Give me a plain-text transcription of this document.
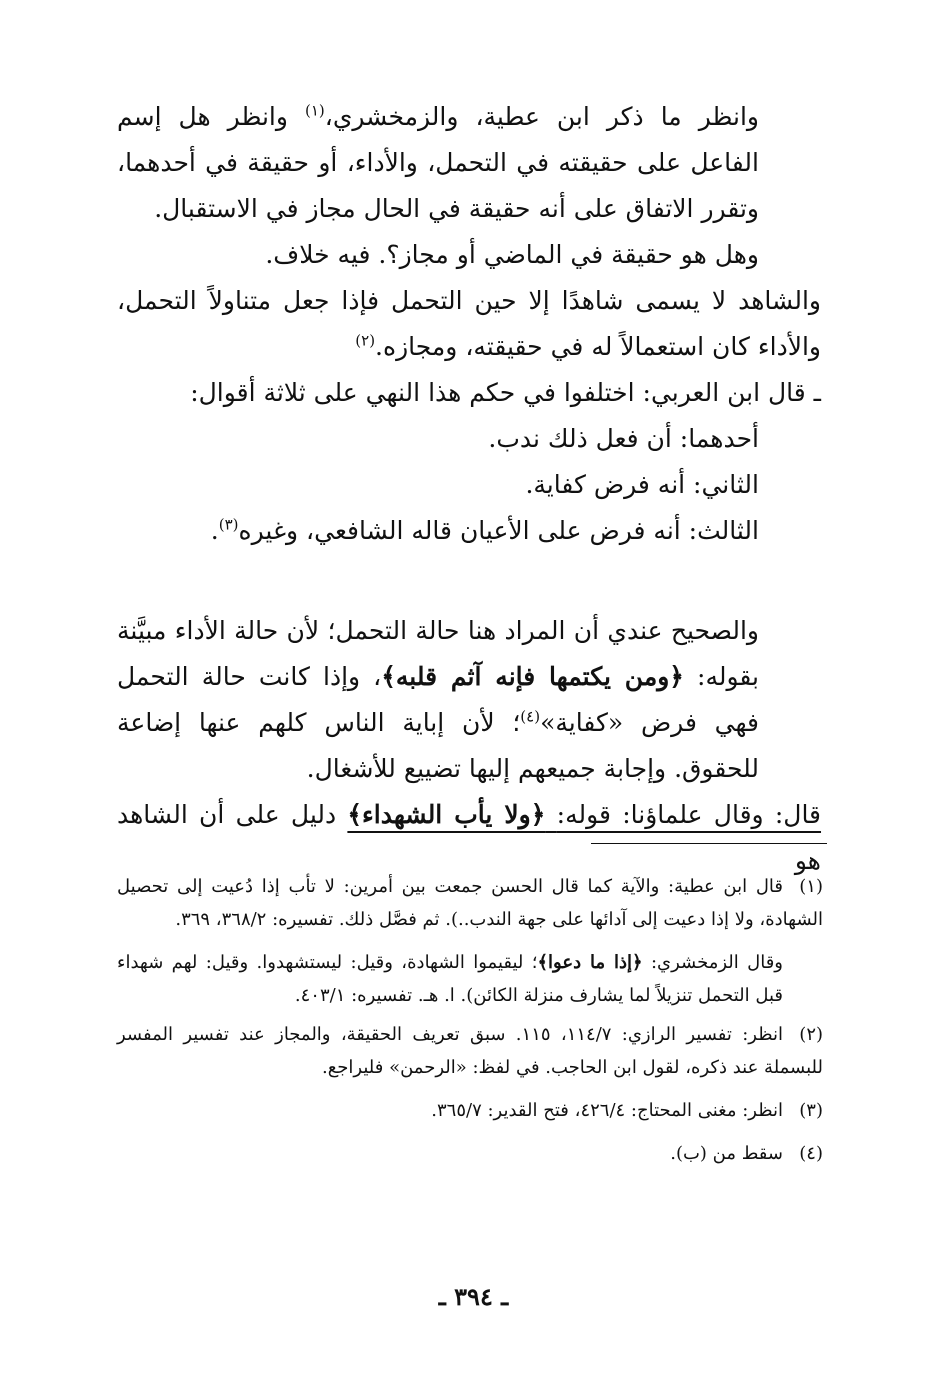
وانظر ما ذكر ابن عطية، والزمخشري،$^{(١)}$ وانظر هل إسم الفاعل على حقيقته في التحمل، والأداء، أو حقيقة في أحدهما، وتقرر الاتفاق على أنه حقيقة في الحال مجاز في الاستقبال.

وهل هو حقيقة في الماضي أو مجاز؟. فيه خلاف.

والشاهد لا يسمى شاهدًا إلا حين التحمل فإذا جعل متناولاً التحمل، والأداء كان استعمالاً له في حقيقته، ومجازه.$^{(٢)}$

ـ قال ابن العربي: اختلفوا في حكم هذا النهي على ثلاثة أقوال:

أحدهما: أن فعل ذلك ندب.

الثاني: أنه فرض كفاية.

الثالث: أنه فرض على الأعيان قاله الشافعي، وغيره$^{(٣)}$.

والصحيح عندي أن المراد هنا حالة التحمل؛ لأن حالة الأداء مبيَّنة بقوله: ﴿ومن يكتمها فإنه آثم قلبه﴾، وإذا كانت حالة التحمل فهي فرض «كفاية»$^{(٤)}$؛ لأن إباية الناس كلهم عنها إضاعة للحقوق. وإجابة جميعهم إليها تضييع للأشغال.

قال: وقال علماؤنا: قوله: ﴿ولا يأب الشهداء﴾ دليل على أن الشاهد هو

(١)قال ابن عطية: والآية كما قال الحسن جمعت بين أمرين: لا تأب إذا دُعيت إلى تحصيل الشهادة، ولا إذا دعيت إلى آدائها على جهة الندب..). ثم فصَّل ذلك. تفسيره: ٣٦٨/٢، ٣٦٩.

وقال الزمخشري: ﴿إذا ما دعوا﴾؛ ليقيموا الشهادة، وقيل: ليستشهدوا. وقيل: لهم شهداء قبل التحمل تنزيلاً لما يشارف منزلة الكائن). ا. هـ. تفسيره: ٤٠٣/١.

(٢)انظر: تفسير الرازي: ١١٤/٧، ١١٥. سبق تعريف الحقيقة، والمجاز عند تفسير المفسر للبسملة عند ذكره، لقول ابن الحاجب. في لفظ: «الرحمن» فليراجع.

(٣)انظر: مغنى المحتاج: ٤٢٦/٤، فتح القدير: ٣٦٥/٧.

(٤)سقط من (ب).

ـ ٣٩٤ ـ
